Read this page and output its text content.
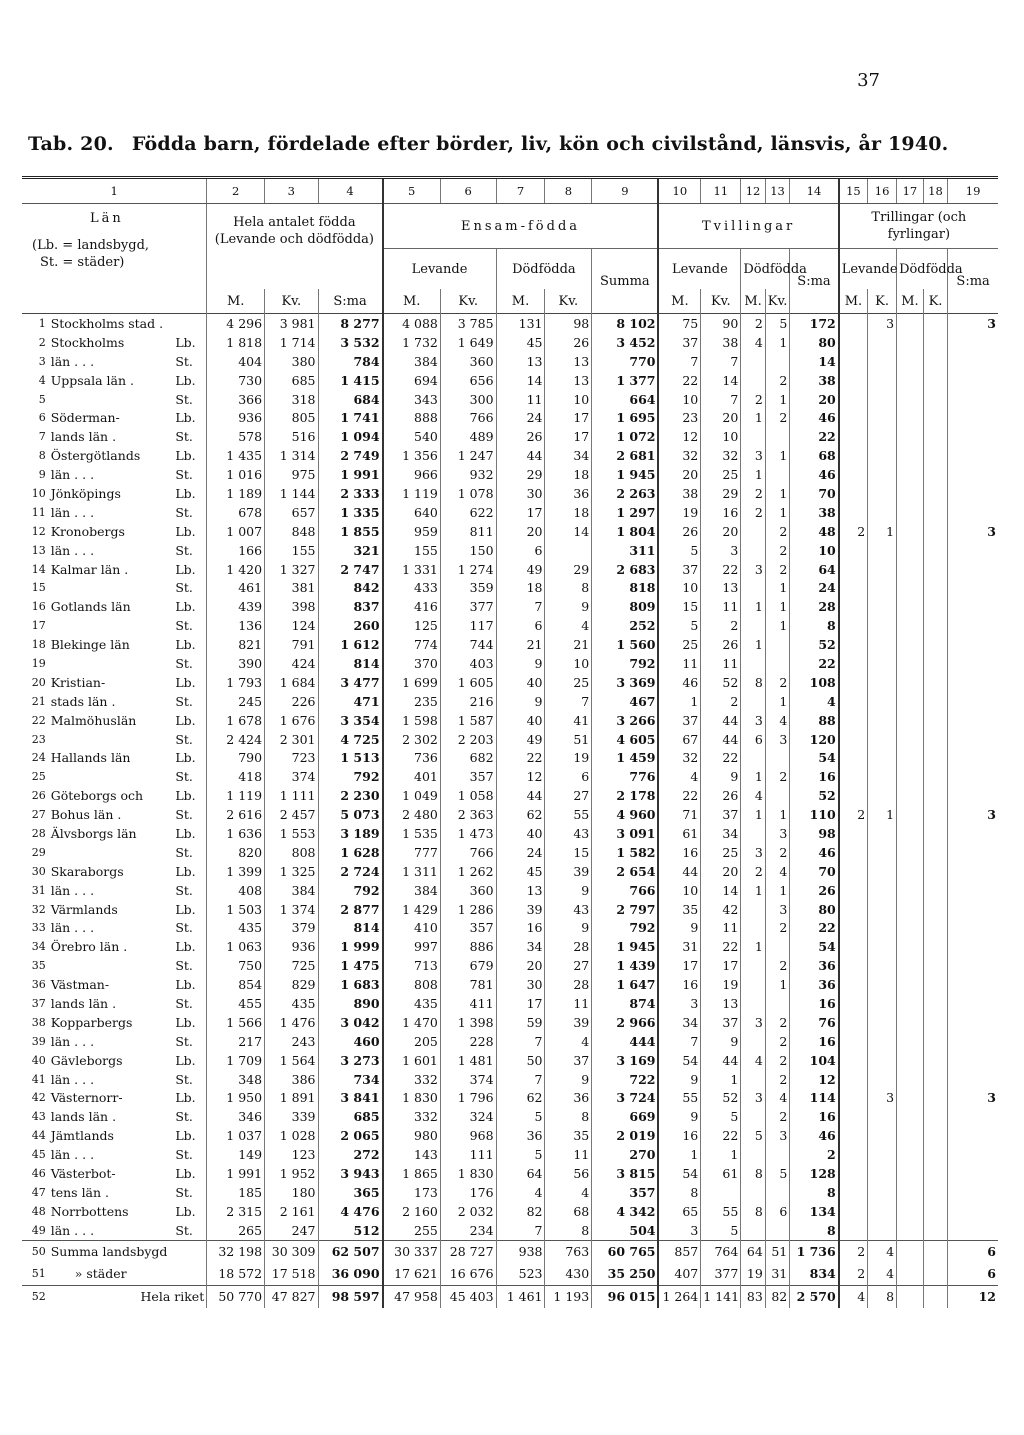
37
Tab. 20. Födda barn, fördelade efter börder, liv, kön och civilstånd, länsvis, år 1940.
1			2	3	4	5	6	7	8	9	10	11	12	13	14	15	16	17	18	19

Län
(Lb. = landsbygd,
St. = städer)			Hela antalet födda (Levande och dödfödda)			Ensam-födda					Tvillingar					Trillingar (och fyrlingar)				
						Levande		Dödfödda		Summa	Levande		Dödfödda		S:ma	Levande		Dödfödda		S:ma
			M.	Kv.	S:ma	M.	Kv.	M.	Kv.		M.	Kv.	M.	Kv.		M.	K.	M.	K.	
1	Stockholms stad .		4 296	3 981	8 277	4 088	3 785	131	98	8 102	75	90	2	5	172		3			3
2	Stockholms	Lb.	1 818	1 714	3 532	1 732	1 649	45	26	3 452	37	38	4	1	80					
3	län . . .	St.	404	380	784	384	360	13	13	770	7	7			14					
4	Uppsala län .	Lb.	730	685	1 415	694	656	14	13	1 377	22	14		2	38					
5		St.	366	318	684	343	300	11	10	664	10	7	2	1	20					
6	Söderman-	Lb.	936	805	1 741	888	766	24	17	1 695	23	20	1	2	46					
7	lands län .	St.	578	516	1 094	540	489	26	17	1 072	12	10			22					
8	Östergötlands	Lb.	1 435	1 314	2 749	1 356	1 247	44	34	2 681	32	32	3	1	68					
9	län . . .	St.	1 016	975	1 991	966	932	29	18	1 945	20	25	1		46					
10	Jönköpings	Lb.	1 189	1 144	2 333	1 119	1 078	30	36	2 263	38	29	2	1	70					
11	län . . .	St.	678	657	1 335	640	622	17	18	1 297	19	16	2	1	38					
12	Kronobergs	Lb.	1 007	848	1 855	959	811	20	14	1 804	26	20		2	48	2	1			3
13	län . . .	St.	166	155	321	155	150	6		311	5	3		2	10					
14	Kalmar län .	Lb.	1 420	1 327	2 747	1 331	1 274	49	29	2 683	37	22	3	2	64					
15		St.	461	381	842	433	359	18	8	818	10	13		1	24					
16	Gotlands län	Lb.	439	398	837	416	377	7	9	809	15	11	1	1	28					
17		St.	136	124	260	125	117	6	4	252	5	2		1	8					
18	Blekinge län	Lb.	821	791	1 612	774	744	21	21	1 560	25	26	1		52					
19		St.	390	424	814	370	403	9	10	792	11	11			22					
20	Kristian-	Lb.	1 793	1 684	3 477	1 699	1 605	40	25	3 369	46	52	8	2	108					
21	stads län .	St.	245	226	471	235	216	9	7	467	1	2		1	4					
22	Malmöhuslän	Lb.	1 678	1 676	3 354	1 598	1 587	40	41	3 266	37	44	3	4	88					
23		St.	2 424	2 301	4 725	2 302	2 203	49	51	4 605	67	44	6	3	120					
24	Hallands län	Lb.	790	723	1 513	736	682	22	19	1 459	32	22			54					
25		St.	418	374	792	401	357	12	6	776	4	9	1	2	16					
26	Göteborgs och	Lb.	1 119	1 111	2 230	1 049	1 058	44	27	2 178	22	26	4		52					
27	Bohus län .	St.	2 616	2 457	5 073	2 480	2 363	62	55	4 960	71	37	1	1	110	2	1			3
28	Älvsborgs län	Lb.	1 636	1 553	3 189	1 535	1 473	40	43	3 091	61	34		3	98					
29		St.	820	808	1 628	777	766	24	15	1 582	16	25	3	2	46					
30	Skaraborgs	Lb.	1 399	1 325	2 724	1 311	1 262	45	39	2 654	44	20	2	4	70					
31	län . . .	St.	408	384	792	384	360	13	9	766	10	14	1	1	26					
32	Värmlands	Lb.	1 503	1 374	2 877	1 429	1 286	39	43	2 797	35	42		3	80					
33	län . . .	St.	435	379	814	410	357	16	9	792	9	11		2	22					
34	Örebro län .	Lb.	1 063	936	1 999	997	886	34	28	1 945	31	22	1		54					
35		St.	750	725	1 475	713	679	20	27	1 439	17	17		2	36					
36	Västman-	Lb.	854	829	1 683	808	781	30	28	1 647	16	19		1	36					
37	lands län .	St.	455	435	890	435	411	17	11	874	3	13			16					
38	Kopparbergs	Lb.	1 566	1 476	3 042	1 470	1 398	59	39	2 966	34	37	3	2	76					
39	län . . .	St.	217	243	460	205	228	7	4	444	7	9		2	16					
40	Gävleborgs	Lb.	1 709	1 564	3 273	1 601	1 481	50	37	3 169	54	44	4	2	104					
41	län . . .	St.	348	386	734	332	374	7	9	722	9	1		2	12					
42	Västernorr-	Lb.	1 950	1 891	3 841	1 830	1 796	62	36	3 724	55	52	3	4	114		3			3
43	lands län .	St.	346	339	685	332	324	5	8	669	9	5		2	16					
44	Jämtlands	Lb.	1 037	1 028	2 065	980	968	36	35	2 019	16	22	5	3	46					
45	län . . .	St.	149	123	272	143	111	5	11	270	1	1			2					
46	Västerbot-	Lb.	1 991	1 952	3 943	1 865	1 830	64	56	3 815	54	61	8	5	128					
47	tens län .	St.	185	180	365	173	176	4	4	357	8				8					
48	Norrbottens	Lb.	2 315	2 161	4 476	2 160	2 032	82	68	4 342	65	55	8	6	134					
49	län . . .	St.	265	247	512	255	234	7	8	504	3	5			8					
50	Summa landsbygd		32 198	30 309	62 507	30 337	28 727	938	763	60 765	857	764	64	51	1 736	2	4			6
51	» städer		18 572	17 518	36 090	17 621	16 676	523	430	35 250	407	377	19	31	834	2	4			6
52	Hela riket		50 770	47 827	98 597	47 958	45 403	1 461	1 193	96 015	1 264	1 141	83	82	2 570	4	8			12
